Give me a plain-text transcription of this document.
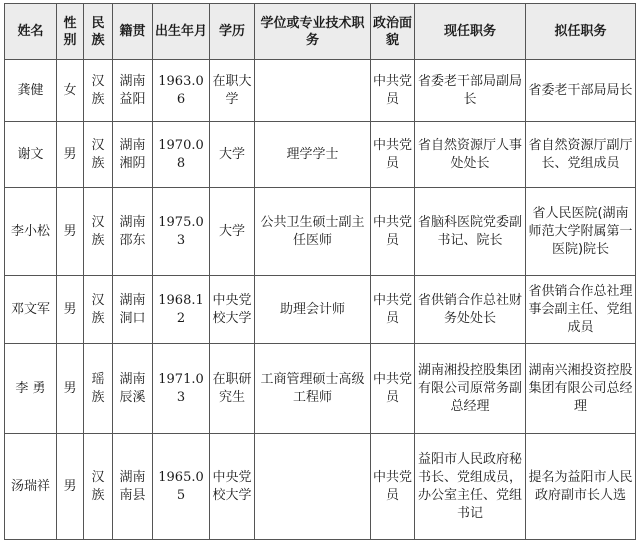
姓名	性别	民族	籍贯	出生年月	学历	学位或专业技术职务	政治面貌	现任职务	拟任职务
龚健	女	汉族	湖南益阳	1963.06	在职大学		中共党员	省委老干部局副局长	省委老干部局局长
谢文	男	汉族	湖南湘阴	1970.08	大学	理学学士	中共党员	省自然资源厅人事处处长	省自然资源厅副厅长、党组成员
李小松	男	汉族	湖南邵东	1975.03	大学	公共卫生硕士副主任医师	中共党员	省脑科医院党委副书记、院长	省人民医院(湖南师范大学附属第一医院)院长
邓文军	男	汉族	湖南洞口	1968.12	中央党校大学	助理会计师	中共党员	省供销合作总社财务处处长	省供销合作总社理事会副主任、党组成员
李 勇	男	瑶族	湖南辰溪	1971.03	在职研究生	工商管理硕士高级工程师	中共党员	湖南湘投控股集团有限公司原常务副总经理	湖南兴湘投资控股集团有限公司总经理
汤瑞祥	男	汉族	湖南南县	1965.05	中央党校大学		中共党员	益阳市人民政府秘书长、党组成员，办公室主任、党组书记	提名为益阳市人民政府副市长人选
